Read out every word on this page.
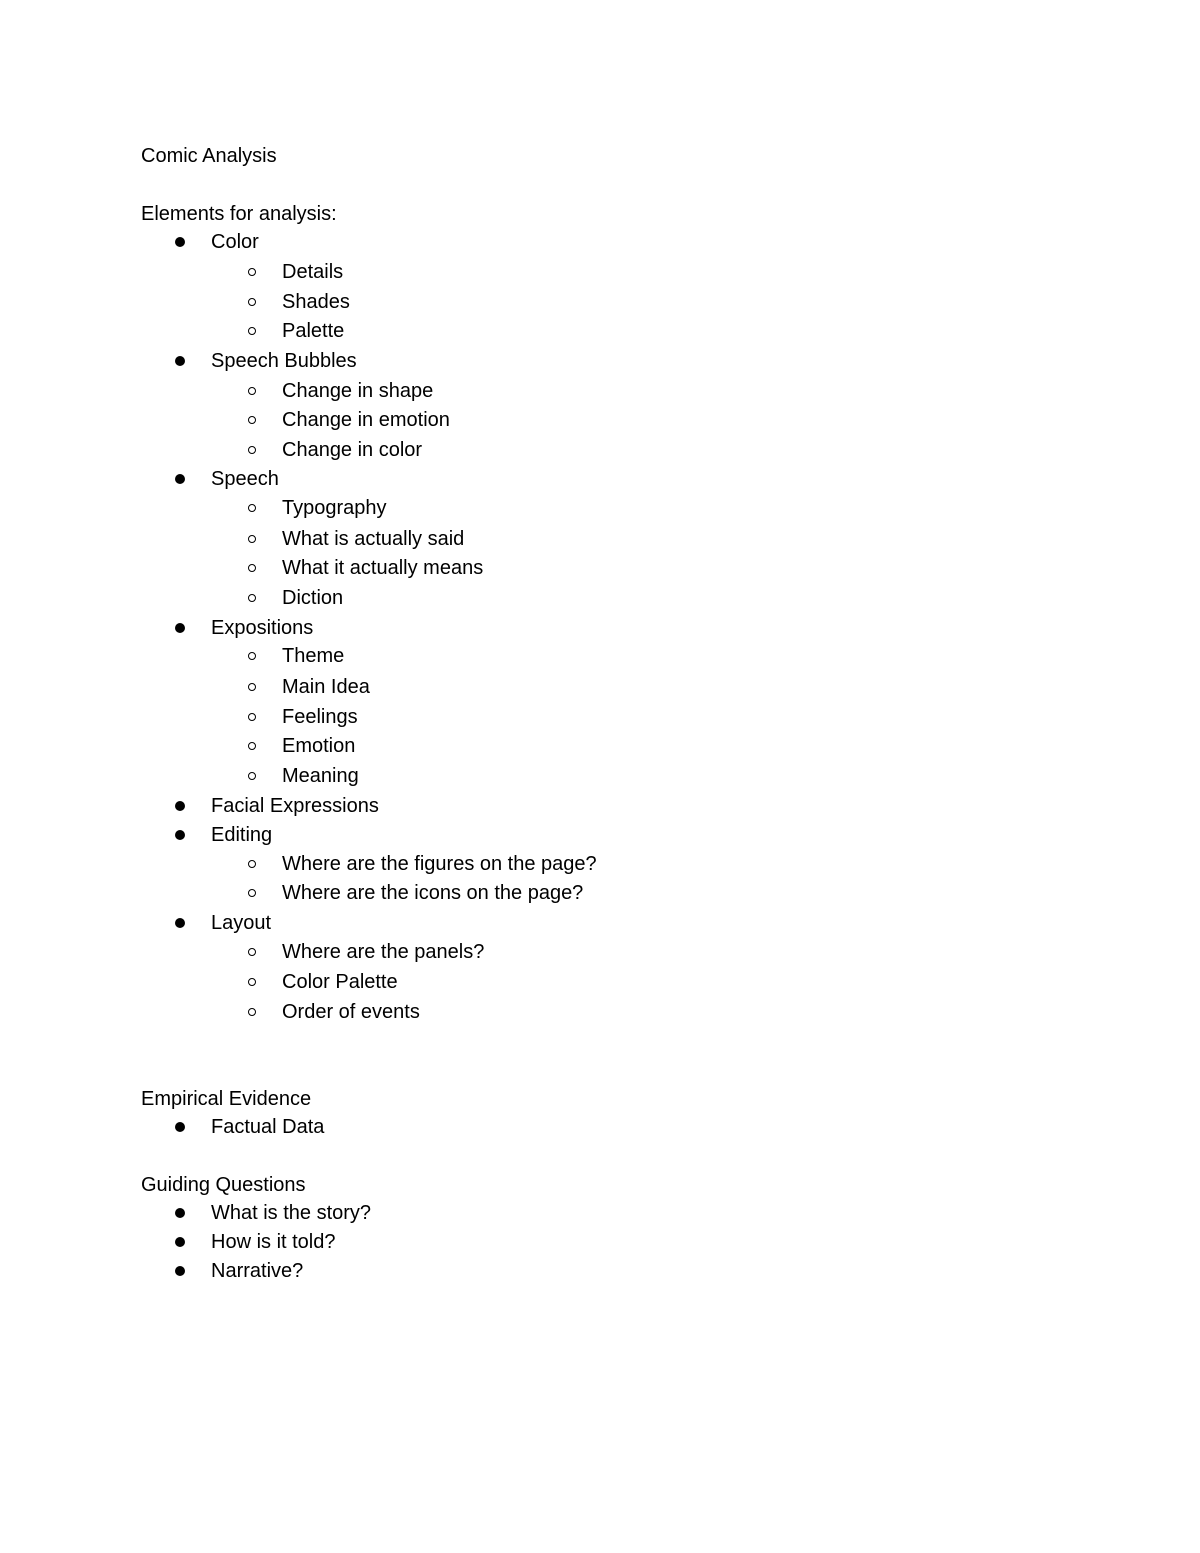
Comic Analysis
Elements for analysis:
Color
Details
Shades
Palette
Speech Bubbles
Change in shape
Change in emotion
Change in color
Speech
Typography
What is actually said
What it actually means
Diction
Expositions
Theme
Main Idea
Feelings
Emotion
Meaning
Facial Expressions
Editing
Where are the figures on the page?
Where are the icons on the page?
Layout
Where are the panels?
Color Palette
Order of events
Empirical Evidence
Factual Data
Guiding Questions
What is the story?
How is it told?
Narrative?
